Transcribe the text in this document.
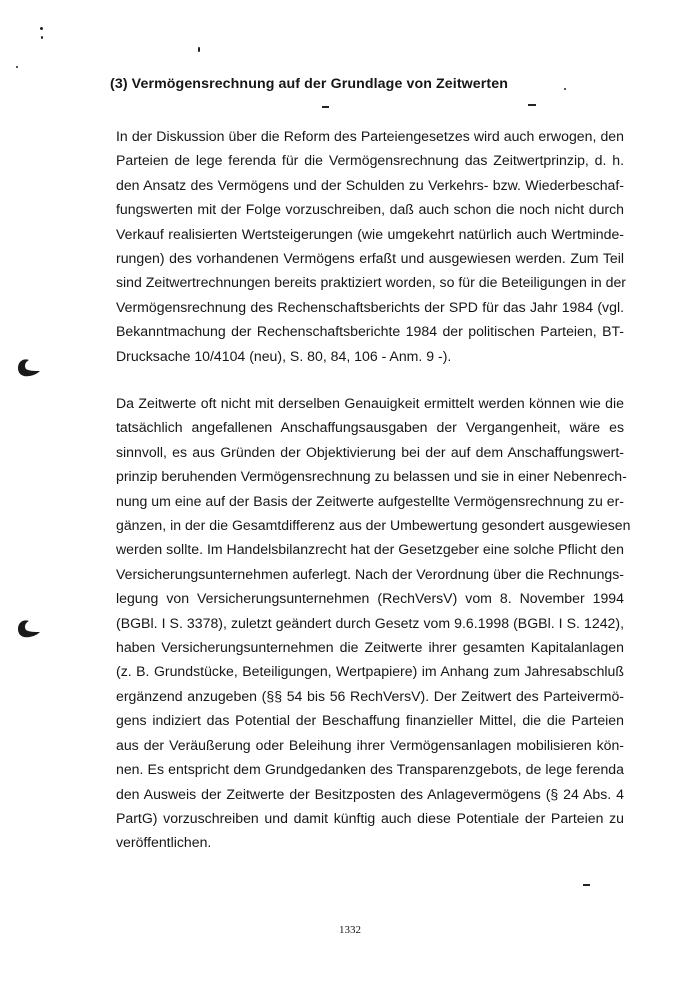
(3) Vermögensrechnung auf der Grundlage von Zeitwerten

In der Diskussion über die Reform des Parteiengesetzes wird auch erwogen, den
Parteien de lege ferenda für die Vermögensrechnung das Zeitwertprinzip, d. h.
den Ansatz des Vermögens und der Schulden zu Verkehrs- bzw. Wiederbeschaf-
fungswerten mit der Folge vorzuschreiben, daß auch schon die noch nicht durch
Verkauf realisierten Wertsteigerungen (wie umgekehrt natürlich auch Wertminde-
rungen) des vorhandenen Vermögens erfaßt und ausgewiesen werden. Zum Teil
sind Zeitwertrechnungen bereits praktiziert worden, so für die Beteiligungen in der
Vermögensrechnung des Rechenschaftsberichts der SPD für das Jahr 1984 (vgl.
Bekanntmachung der Rechenschaftsberichte 1984 der politischen Parteien, BT-
Drucksache 10/4104 (neu), S. 80, 84, 106 - Anm. 9 -).

Da Zeitwerte oft nicht mit derselben Genauigkeit ermittelt werden können wie die
tatsächlich angefallenen Anschaffungsausgaben der Vergangenheit, wäre es
sinnvoll, es aus Gründen der Objektivierung bei der auf dem Anschaffungswert-
prinzip beruhenden Vermögensrechnung zu belassen und sie in einer Nebenrech-
nung um eine auf der Basis der Zeitwerte aufgestellte Vermögensrechnung zu er-
gänzen, in der die Gesamtdifferenz aus der Umbewertung gesondert ausgewiesen
werden sollte. Im Handelsbilanzrecht hat der Gesetzgeber eine solche Pflicht den
Versicherungsunternehmen auferlegt. Nach der Verordnung über die Rechnungs-
legung von Versicherungsunternehmen (RechVersV) vom 8. November 1994
(BGBl. I S. 3378), zuletzt geändert durch Gesetz vom 9.6.1998 (BGBl. I S. 1242),
haben Versicherungsunternehmen die Zeitwerte ihrer gesamten Kapitalanlagen
(z. B. Grundstücke, Beteiligungen, Wertpapiere) im Anhang zum Jahresabschluß
ergänzend anzugeben (§§ 54 bis 56 RechVersV). Der Zeitwert des Parteivermö-
gens indiziert das Potential der Beschaffung finanzieller Mittel, die die Parteien
aus der Veräußerung oder Beleihung ihrer Vermögensanlagen mobilisieren kön-
nen. Es entspricht dem Grundgedanken des Transparenzgebots, de lege ferenda
den Ausweis der Zeitwerte der Besitzposten des Anlagevermögens (§ 24 Abs. 4
PartG) vorzuschreiben und damit künftig auch diese Potentiale der Parteien zu
veröffentlichen.

1332
